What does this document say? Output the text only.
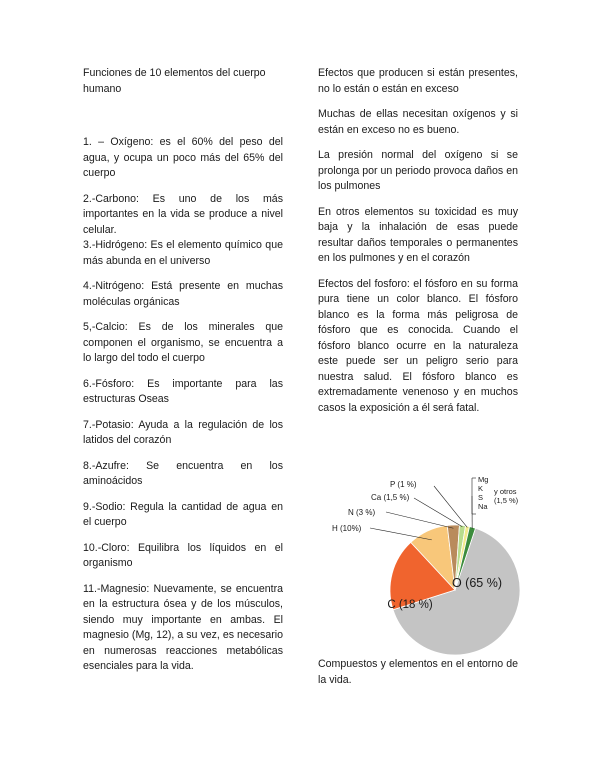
Funciones de 10 elementos del cuerpo humano

1. – Oxígeno: es el 60% del peso del agua, y ocupa un poco más del 65% del cuerpo

2.-Carbono: Es uno de los más importantes en la vida se produce a nivel celular.

3.-Hidrógeno: Es el elemento químico que más abunda en el universo

4.-Nitrógeno: Está presente en muchas moléculas orgánicas

5,-Calcio: Es de los minerales que componen el organismo, se encuentra a lo largo del todo el cuerpo

6.-Fósforo: Es importante para las estructuras Oseas

7.-Potasio: Ayuda a la regulación de los latidos del corazón

8.-Azufre: Se encuentra en los aminoácidos

9.-Sodio: Regula la cantidad de agua en el cuerpo

10.-Cloro: Equilibra los líquidos en el organismo

11.-Magnesio: Nuevamente, se encuentra en la estructura ósea y de los músculos, siendo muy importante en ambas. El magnesio (Mg, 12), a su vez, es necesario en numerosas reacciones metabólicas esenciales para la vida.

Efectos que producen si están presentes, no lo están o están en exceso

Muchas de ellas necesitan oxígenos y si están en exceso no es bueno.

La presión normal del oxígeno si se prolonga por un periodo provoca daños en los pulmones

En otros elementos su toxicidad es muy baja y la inhalación de esas puede resultar daños temporales o permanentes en los pulmones y en el corazón

Efectos del fosforo: el fósforo en su forma pura tiene un color blanco. El fósforo blanco es la forma más peligrosa de fósforo que es conocida. Cuando el fósforo blanco ocurre en la naturaleza este puede ser un peligro serio para nuestra salud. El fósforo blanco es extremadamente venenoso y en muchos casos la exposición a él será fatal.

O (65 %)
C (18 %)
H (10%)
N (3 %)
Ca (1,5 %)
P (1 %)
Mg
K
S
Na
y otros
(1,5 %)

Compuestos y elementos en el entorno de la vida.
